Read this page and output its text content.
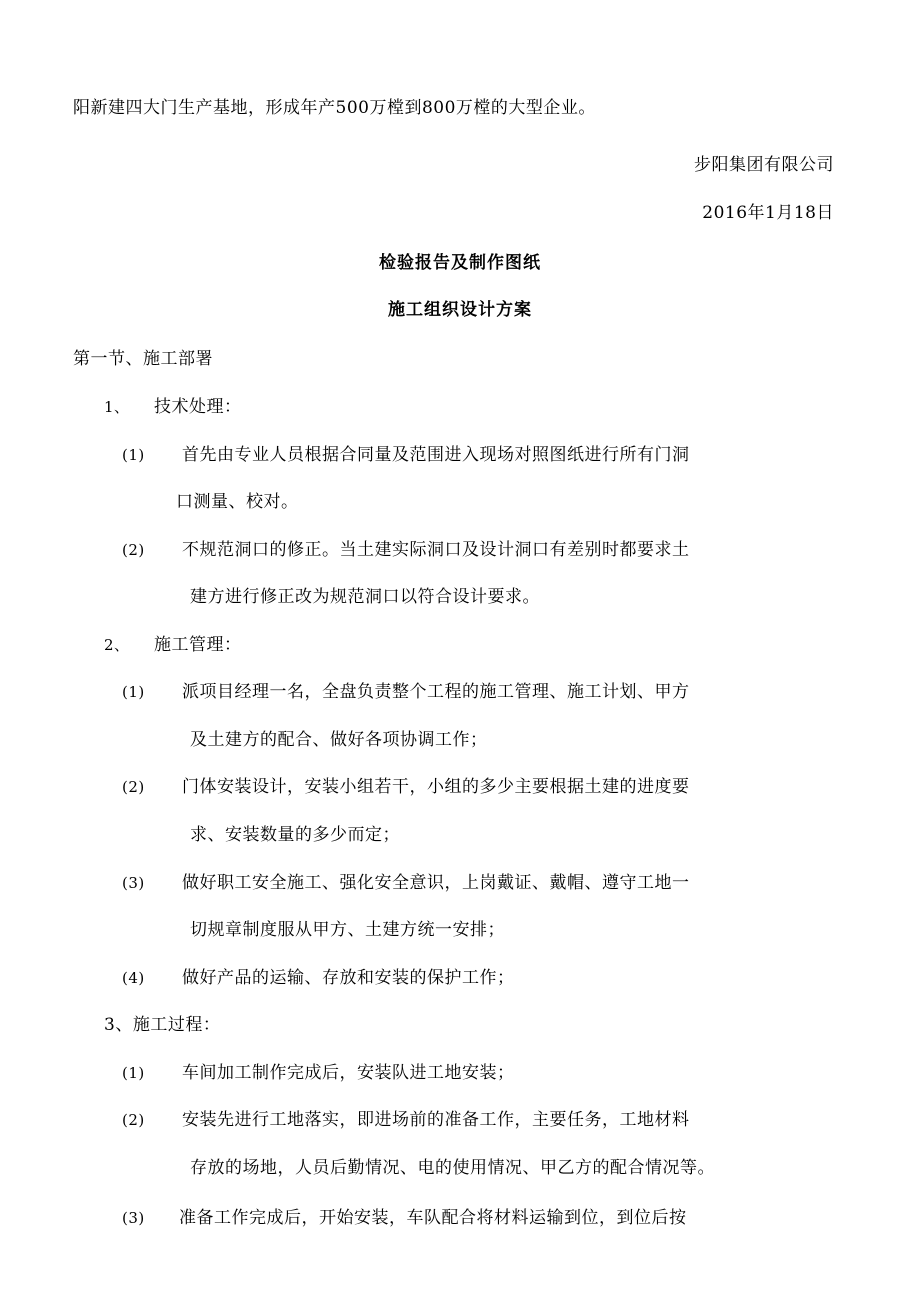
阳新建四大门生产基地，形成年产500万樘到800万樘的大型企业。
步阳集团有限公司
2016年1月18日
检验报告及制作图纸
施工组织设计方案
第一节、施工部署
1、 技术处理：
(1) 首先由专业人员根据合同量及范围进入现场对照图纸进行所有门洞
口测量、校对。
(2) 不规范洞口的修正。当土建实际洞口及设计洞口有差别时都要求土
建方进行修正改为规范洞口以符合设计要求。
2、 施工管理：
(1) 派项目经理一名，全盘负责整个工程的施工管理、施工计划、甲方
及土建方的配合、做好各项协调工作；
(2) 门体安装设计，安装小组若干，小组的多少主要根据土建的进度要
求、安装数量的多少而定；
(3) 做好职工安全施工、强化安全意识，上岗戴证、戴帽、遵守工地一
切规章制度服从甲方、土建方统一安排；
(4) 做好产品的运输、存放和安装的保护工作；
3、施工过程：
(1) 车间加工制作完成后，安装队进工地安装；
(2) 安装先进行工地落实，即进场前的准备工作，主要任务，工地材料
存放的场地，人员后勤情况、电的使用情况、甲乙方的配合情况等。
(3) 准备工作完成后，开始安装，车队配合将材料运输到位，到位后按
